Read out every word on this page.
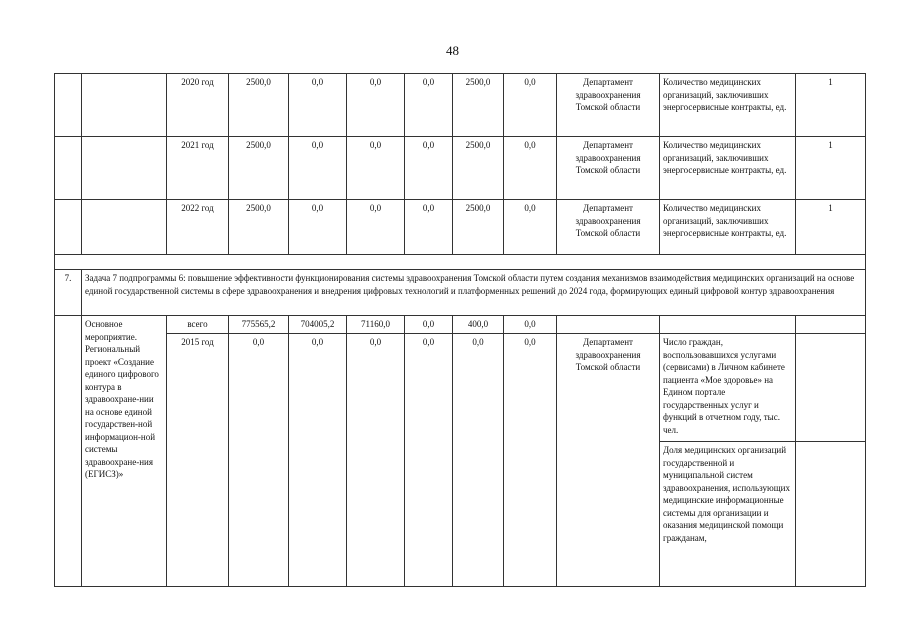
48
		2020 год	2500,0	0,0	0,0	0,0	2500,0	0,0	Департамент здравоохранения Томской области	Количество медицинских организаций, заключивших энергосервисные контракты, ед.	1
		2021 год	2500,0	0,0	0,0	0,0	2500,0	0,0	Департамент здравоохранения Томской области	Количество медицинских организаций, заключивших энергосервисные контракты, ед.	1
		2022 год	2500,0	0,0	0,0	0,0	2500,0	0,0	Департамент здравоохранения Томской области	Количество медицинских организаций, заключивших энергосервисные контракты, ед.	1

7.	Задача 7 подпрограммы 6: повышение эффективности функционирования системы здравоохранения Томской области путем создания механизмов взаимодействия медицинских организаций на основе единой государственной системы в сфере здравоохранения и внедрения цифровых технологий и платформенных решений до 2024 года, формирующих единый цифровой контур здравоохранения										
	Основное мероприятие. Региональный проект «Создание единого цифрового контура в здравоохране-нии на основе единой государствен-ной информацион-ной системы здравоохране-ния (ЕГИСЗ)»	всего	775565,2	704005,2	71160,0	0,0	400,0	0,0			
		2015 год	0,0	0,0	0,0	0,0	0,0	0,0	Департамент здравоохранения Томской области	Число граждан, воспользовавшихся услугами (сервисами) в Личном кабинете пациента «Мое здоровье» на Едином портале государственных услуг и функций в отчетном году, тыс. чел.	
										Доля медицинских организаций государственной и муниципальной систем здравоохранения, использующих медицинские информационные системы для организации и оказания медицинской помощи гражданам,	
